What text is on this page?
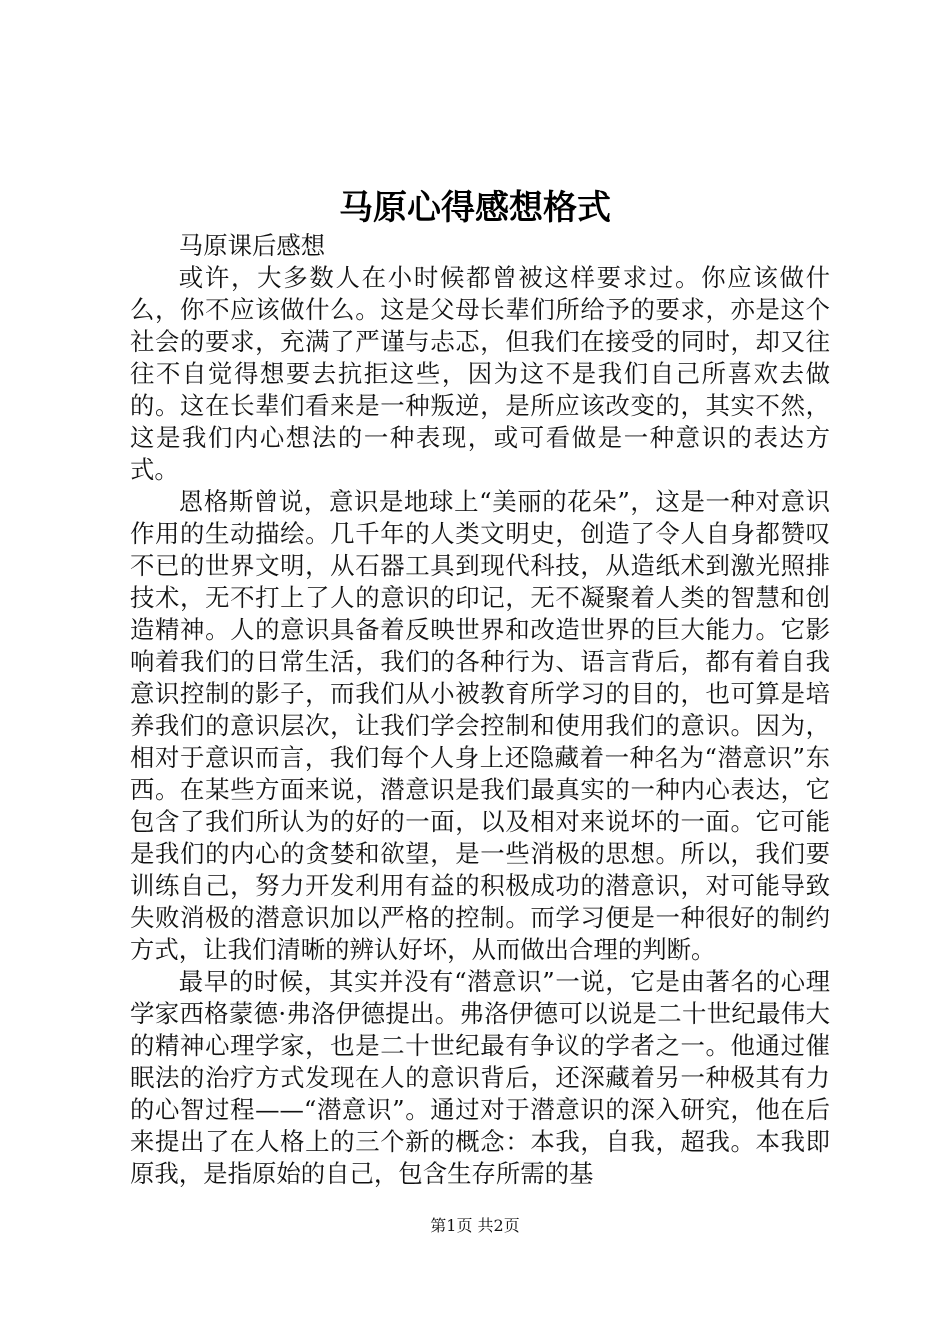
马原心得感想格式

马原课后感想

或许，大多数人在小时候都曾被这样要求过。你应该做什么，你不应该做什么。这是父母长辈们所给予的要求，亦是这个社会的要求，充满了严谨与忐忑，但我们在接受的同时，却又往往不自觉得想要去抗拒这些，因为这不是我们自己所喜欢去做的。这在长辈们看来是一种叛逆，是所应该改变的，其实不然，这是我们内心想法的一种表现，或可看做是一种意识的表达方式。

恩格斯曾说，意识是地球上“美丽的花朵”，这是一种对意识作用的生动描绘。几千年的人类文明史，创造了令人自身都赞叹不已的世界文明，从石器工具到现代科技，从造纸术到激光照排技术，无不打上了人的意识的印记，无不凝聚着人类的智慧和创造精神。人的意识具备着反映世界和改造世界的巨大能力。它影响着我们的日常生活，我们的各种行为、语言背后，都有着自我意识控制的影子，而我们从小被教育所学习的目的，也可算是培养我们的意识层次，让我们学会控制和使用我们的意识。因为，相对于意识而言，我们每个人身上还隐藏着一种名为“潜意识”东西。在某些方面来说，潜意识是我们最真实的一种内心表达，它包含了我们所认为的好的一面，以及相对来说坏的一面。它可能是我们的内心的贪婪和欲望，是一些消极的思想。所以，我们要训练自己，努力开发利用有益的积极成功的潜意识，对可能导致失败消极的潜意识加以严格的控制。而学习便是一种很好的制约方式，让我们清晰的辨认好坏，从而做出合理的判断。

最早的时候，其实并没有“潜意识”一说，它是由著名的心理学家西格蒙德·弗洛伊德提出。弗洛伊德可以说是二十世纪最伟大的精神心理学家，也是二十世纪最有争议的学者之一。他通过催眠法的治疗方式发现在人的意识背后，还深藏着另一种极其有力的心智过程——“潜意识”。通过对于潜意识的深入研究，他在后来提出了在人格上的三个新的概念：本我，自我，超我。本我即原我，是指原始的自己，包含生存所需的基

第1页 共2页
